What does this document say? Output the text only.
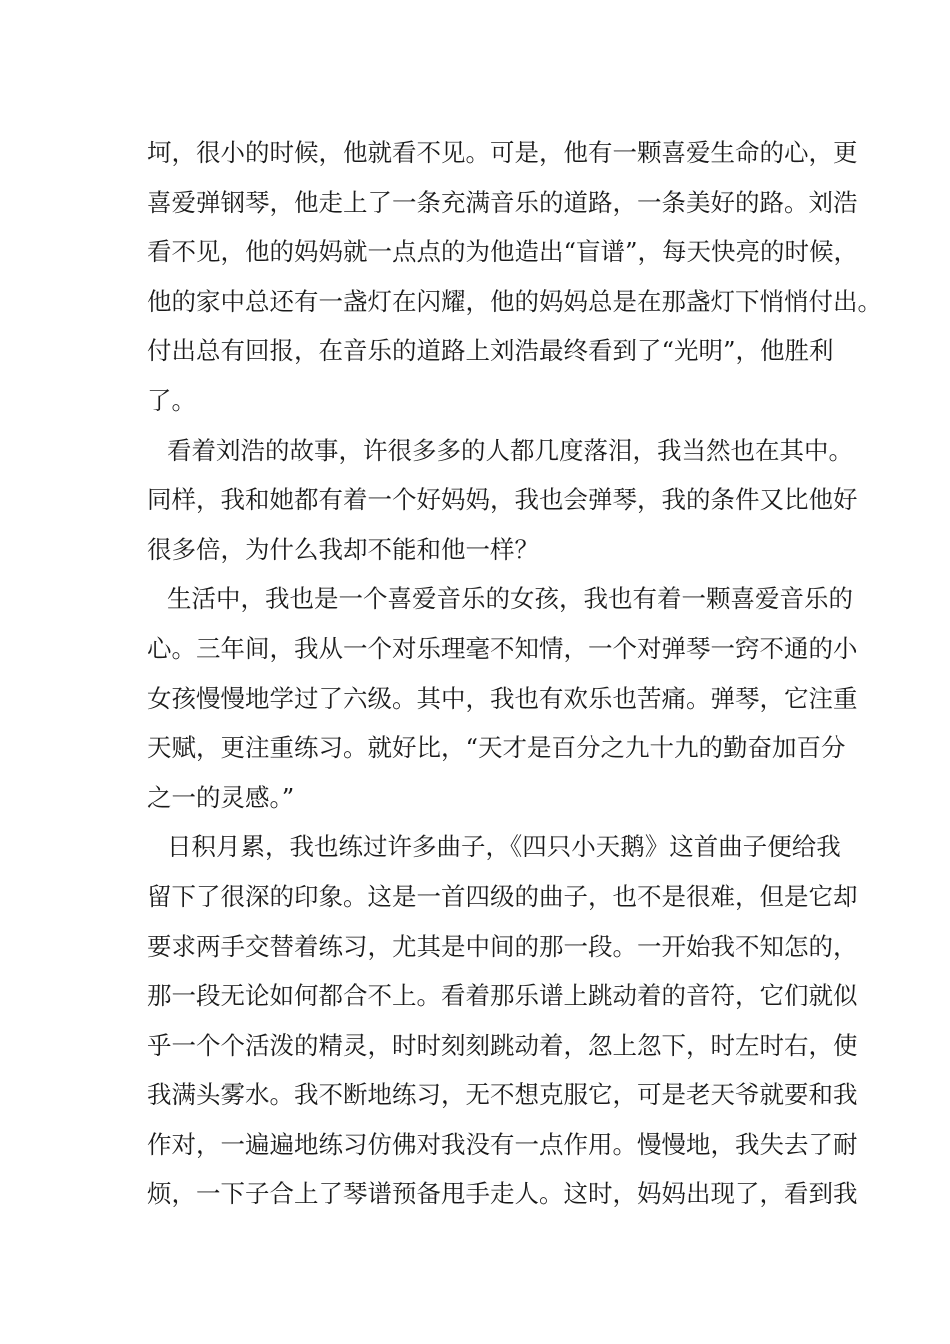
坷，很小的时候，他就看不见。可是，他有一颗喜爱生命的心，更
喜爱弹钢琴，他走上了一条充满音乐的道路，一条美好的路。刘浩
看不见，他的妈妈就一点点的为他造出“盲谱”，每天快亮的时候，
他的家中总还有一盏灯在闪耀，他的妈妈总是在那盏灯下悄悄付出。
付出总有回报，在音乐的道路上刘浩最终看到了“光明”，他胜利
了。
看着刘浩的故事，许很多多的人都几度落泪，我当然也在其中。
同样，我和她都有着一个好妈妈，我也会弹琴，我的条件又比他好
很多倍，为什么我却不能和他一样？
生活中，我也是一个喜爱音乐的女孩，我也有着一颗喜爱音乐的
心。三年间，我从一个对乐理毫不知情，一个对弹琴一窍不通的小
女孩慢慢地学过了六级。其中，我也有欢乐也苦痛。弹琴，它注重
天赋，更注重练习。就好比，“天才是百分之九十九的勤奋加百分
之一的灵感。”
日积月累，我也练过许多曲子，《四只小天鹅》这首曲子便给我
留下了很深的印象。这是一首四级的曲子，也不是很难，但是它却
要求两手交替着练习，尤其是中间的那一段。一开始我不知怎的，
那一段无论如何都合不上。看着那乐谱上跳动着的音符，它们就似
乎一个个活泼的精灵，时时刻刻跳动着，忽上忽下，时左时右，使
我满头雾水。我不断地练习，无不想克服它，可是老天爷就要和我
作对，一遍遍地练习仿佛对我没有一点作用。慢慢地，我失去了耐
烦，一下子合上了琴谱预备甩手走人。这时，妈妈出现了，看到我
